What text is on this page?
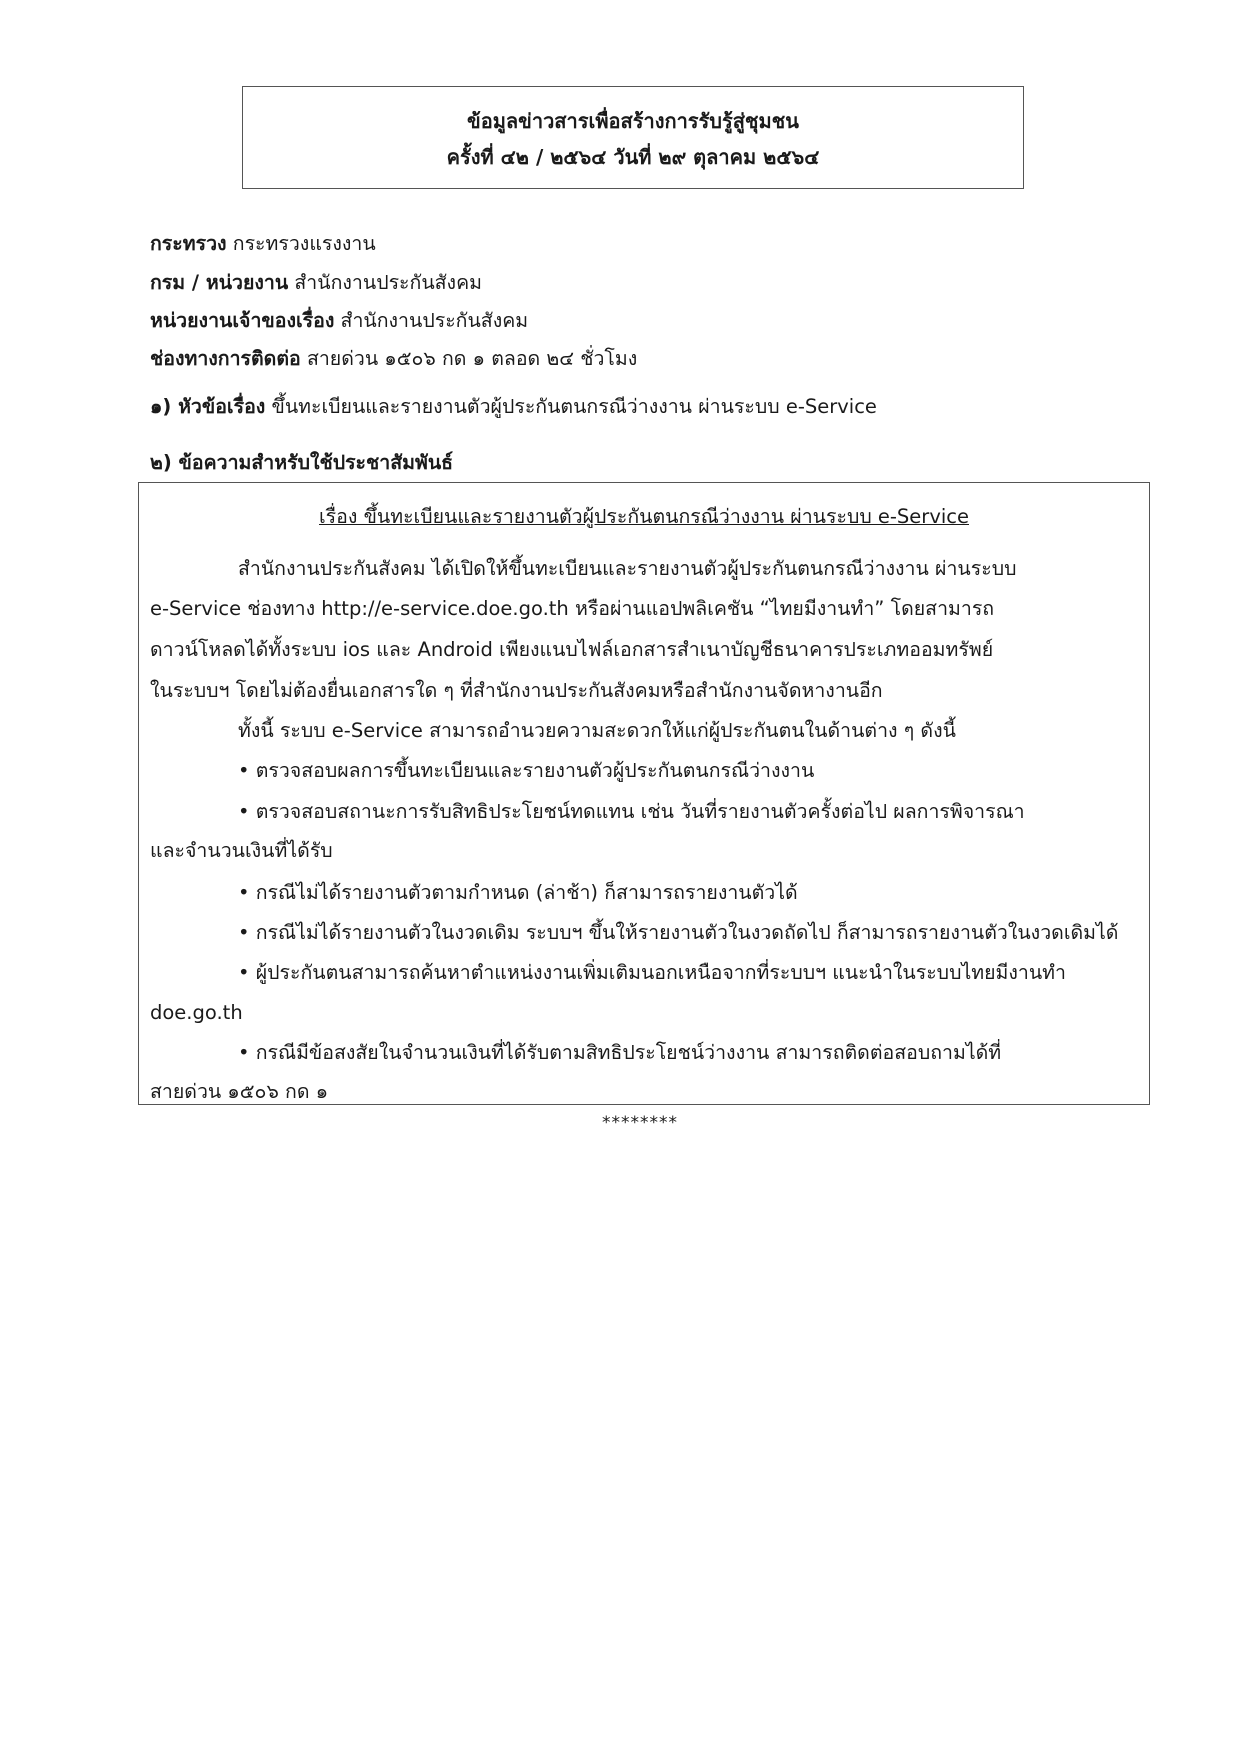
ข้อมูลข่าวสารเพื่อสร้างการรับรู้สู่ชุมชน
ครั้งที่ ๔๒ / ๒๕๖๔ วันที่ ๒๙ ตุลาคม ๒๕๖๔
กระทรวง กระทรวงแรงงาน
กรม / หน่วยงาน สำนักงานประกันสังคม
หน่วยงานเจ้าของเรื่อง สำนักงานประกันสังคม
ช่องทางการติดต่อ สายด่วน ๑๕๐๖ กด ๑ ตลอด ๒๔ ชั่วโมง
๑) หัวข้อเรื่อง ขึ้นทะเบียนและรายงานตัวผู้ประกันตนกรณีว่างงาน ผ่านระบบ e-Service
๒) ข้อความสำหรับใช้ประชาสัมพันธ์
เรื่อง ขึ้นทะเบียนและรายงานตัวผู้ประกันตนกรณีว่างงาน ผ่านระบบ e-Service
สำนักงานประกันสังคม ได้เปิดให้ขึ้นทะเบียนและรายงานตัวผู้ประกันตนกรณีว่างงาน ผ่านระบบ
e-Service ช่องทาง http://e-service.doe.go.th หรือผ่านแอปพลิเคชัน “ไทยมีงานทำ” โดยสามารถ
ดาวน์โหลดได้ทั้งระบบ ios และ Android เพียงแนบไฟล์เอกสารสำเนาบัญชีธนาคารประเภทออมทรัพย์
ในระบบฯ โดยไม่ต้องยื่นเอกสารใด ๆ ที่สำนักงานประกันสังคมหรือสำนักงานจัดหางานอีก
ทั้งนี้ ระบบ e-Service สามารถอำนวยความสะดวกให้แก่ผู้ประกันตนในด้านต่าง ๆ ดังนี้
• ตรวจสอบผลการขึ้นทะเบียนและรายงานตัวผู้ประกันตนกรณีว่างงาน
• ตรวจสอบสถานะการรับสิทธิประโยชน์ทดแทน เช่น วันที่รายงานตัวครั้งต่อไป ผลการพิจารณา
และจำนวนเงินที่ได้รับ
• กรณีไม่ได้รายงานตัวตามกำหนด (ล่าช้า) ก็สามารถรายงานตัวได้
• กรณีไม่ได้รายงานตัวในงวดเดิม ระบบฯ ขึ้นให้รายงานตัวในงวดถัดไป ก็สามารถรายงานตัวในงวดเดิมได้
• ผู้ประกันตนสามารถค้นหาตำแหน่งงานเพิ่มเติมนอกเหนือจากที่ระบบฯ แนะนำในระบบไทยมีงานทำ
doe.go.th
• กรณีมีข้อสงสัยในจำนวนเงินที่ได้รับตามสิทธิประโยชน์ว่างงาน สามารถติดต่อสอบถามได้ที่
สายด่วน ๑๕๐๖ กด ๑
********
